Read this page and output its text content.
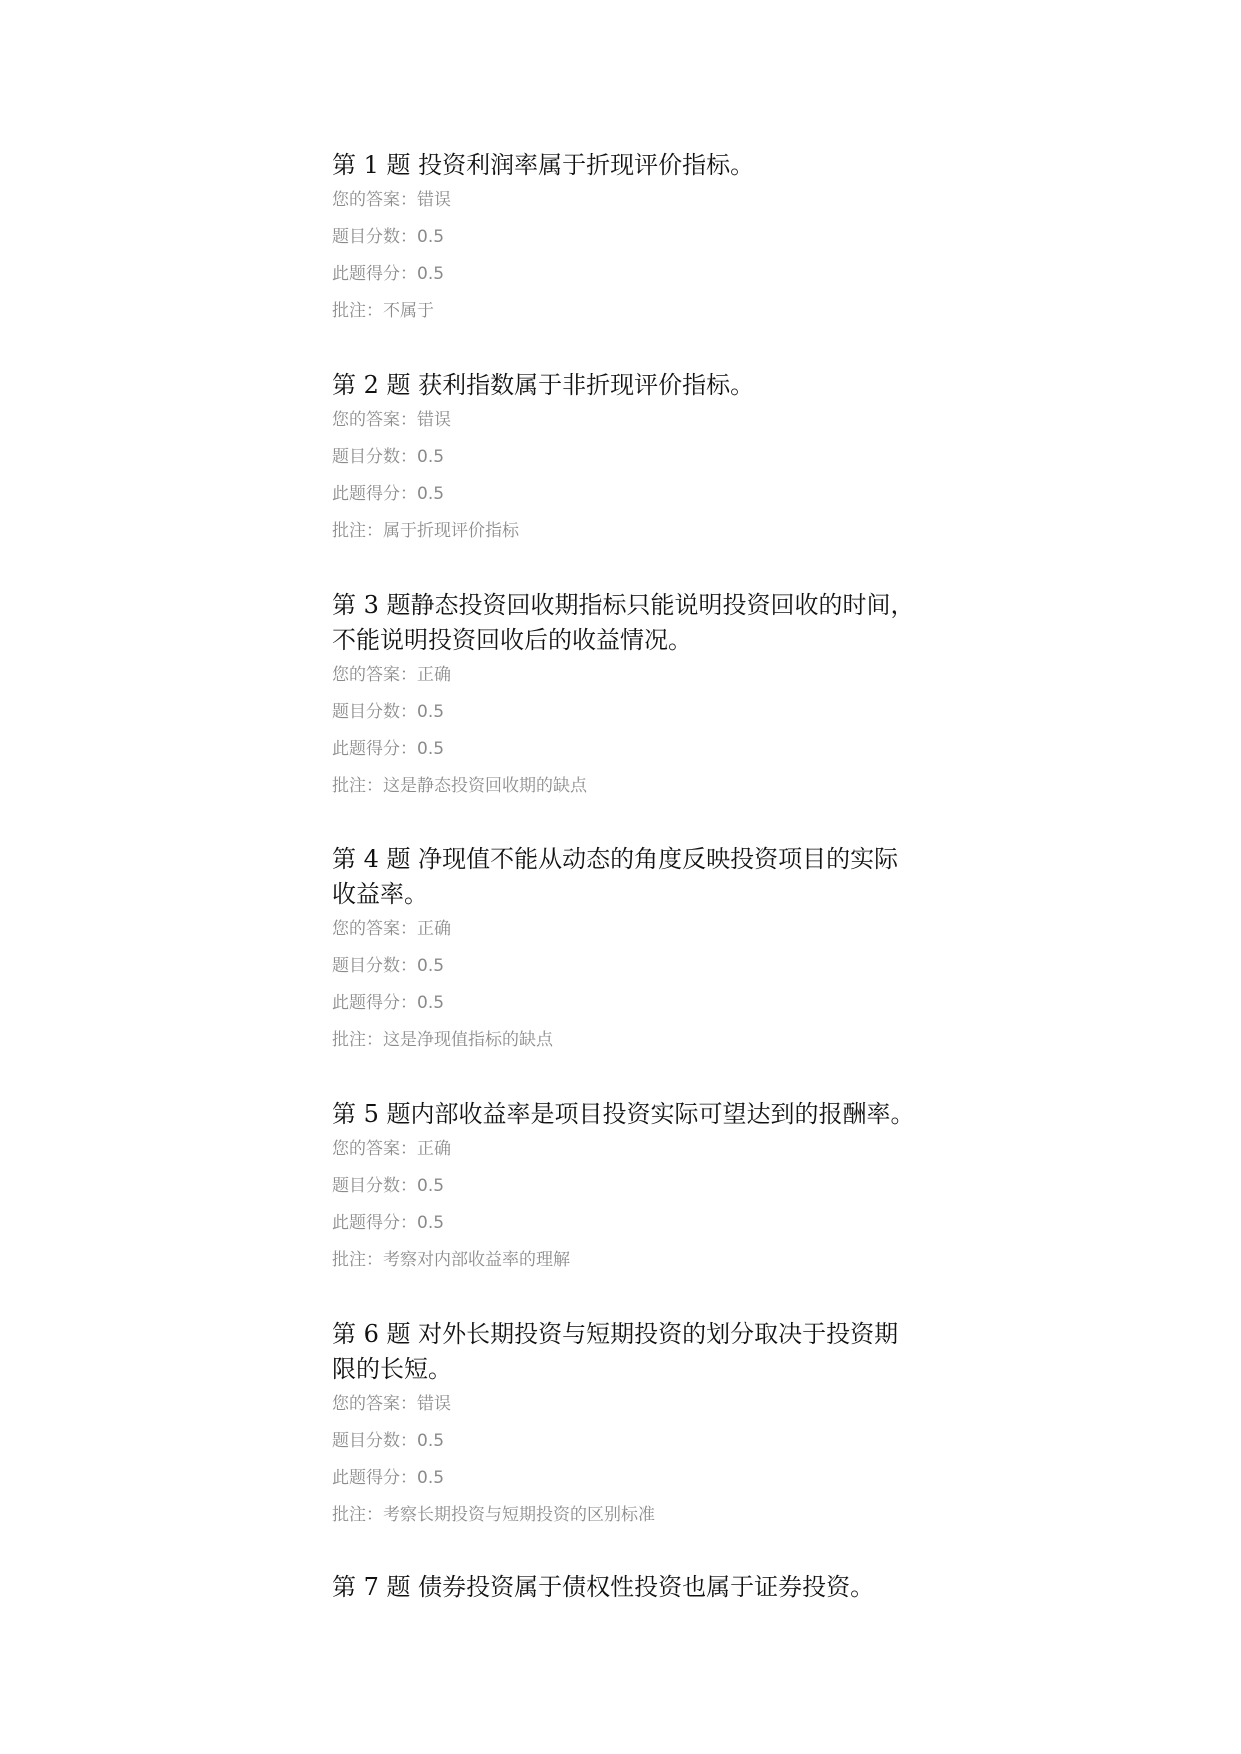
第 1 题 投资利润率属于折现评价指标。
您的答案：错误
题目分数：0.5
此题得分：0.5
批注：不属于
第 2 题 获利指数属于非折现评价指标。
您的答案：错误
题目分数：0.5
此题得分：0.5
批注：属于折现评价指标
第 3 题静态投资回收期指标只能说明投资回收的时间，
不能说明投资回收后的收益情况。
您的答案：正确
题目分数：0.5
此题得分：0.5
批注：这是静态投资回收期的缺点
第 4 题 净现值不能从动态的角度反映投资项目的实际
收益率。
您的答案：正确
题目分数：0.5
此题得分：0.5
批注：这是净现值指标的缺点
第 5 题内部收益率是项目投资实际可望达到的报酬率。
您的答案：正确
题目分数：0.5
此题得分：0.5
批注：考察对内部收益率的理解
第 6 题 对外长期投资与短期投资的划分取决于投资期
限的长短。
您的答案：错误
题目分数：0.5
此题得分：0.5
批注：考察长期投资与短期投资的区别标准
第 7 题 债券投资属于债权性投资也属于证券投资。
